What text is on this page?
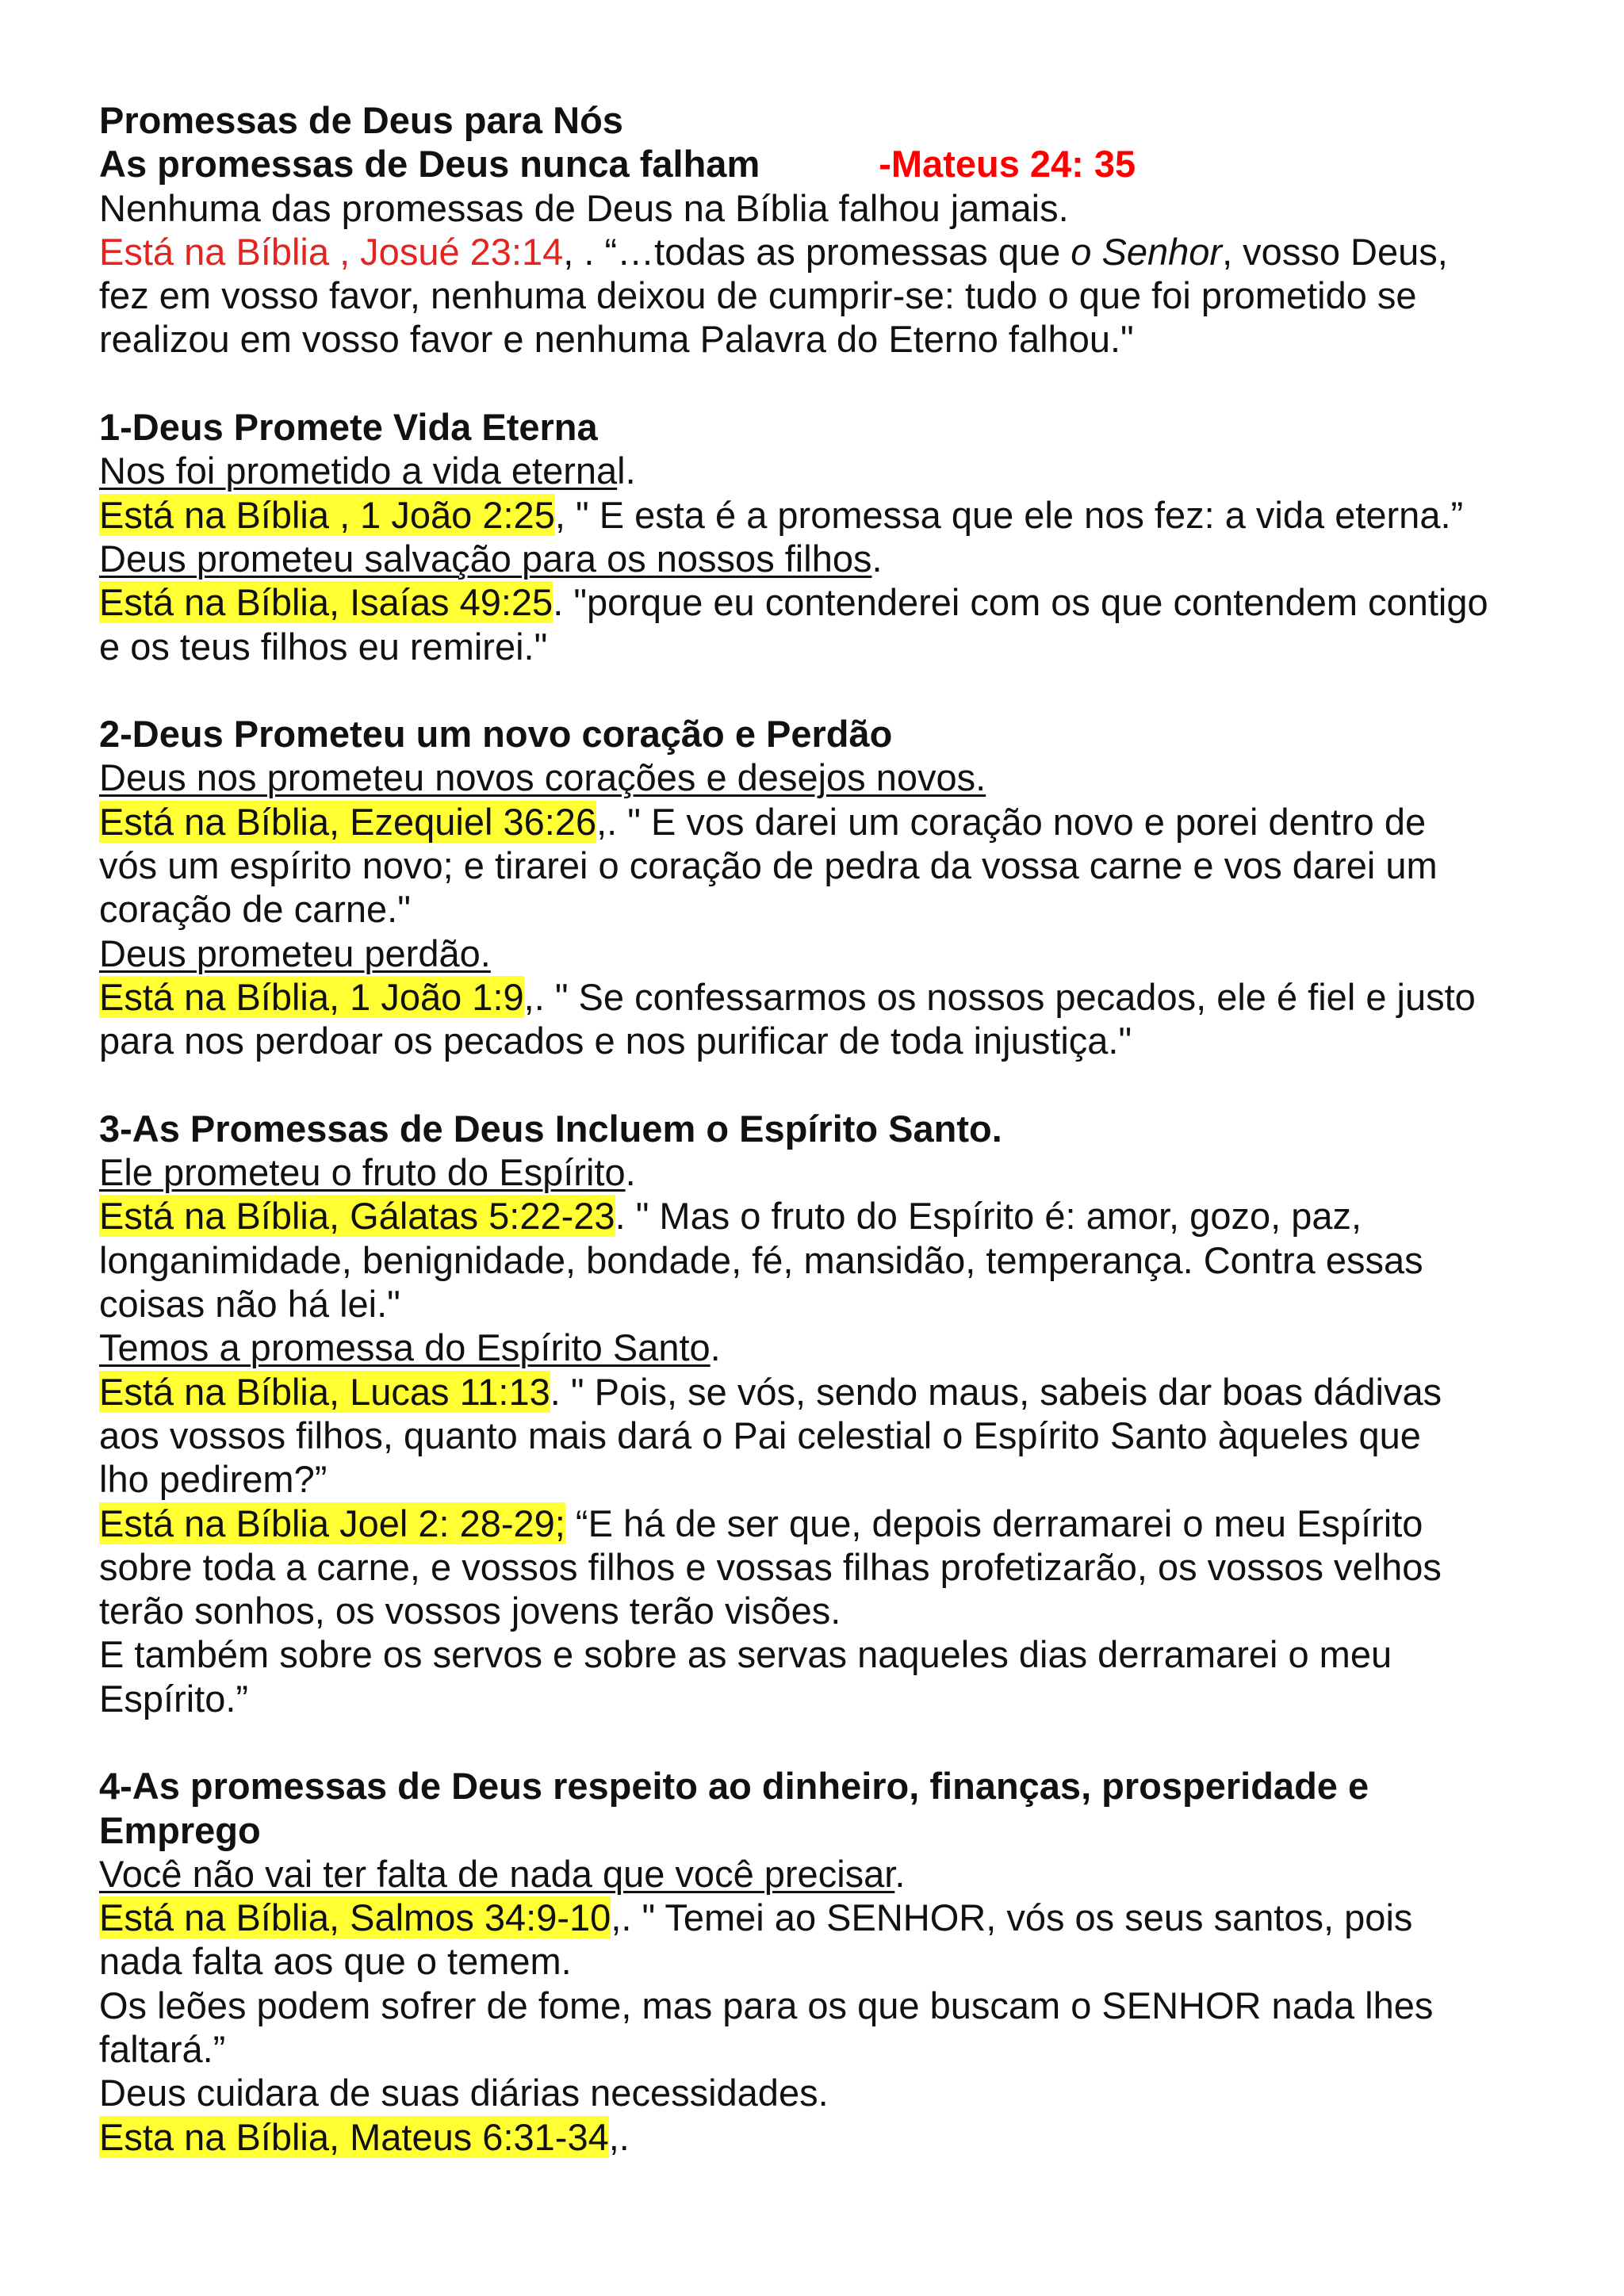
Promessas de Deus para Nós
As promessas de Deus nunca falham	-Mateus 24: 35
Nenhuma das promessas de Deus na Bíblia falhou jamais.
Está na Bíblia , Josué 23:14, . “…todas as promessas que o Senhor, vosso Deus,
fez em vosso favor, nenhuma deixou de cumprir-se: tudo o que foi prometido se
realizou em vosso favor e nenhuma Palavra do Eterno falhou."
1-Deus Promete Vida Eterna
Nos foi prometido a vida eternal.
Está na Bíblia , 1 João 2:25, " E esta é a promessa que ele nos fez: a vida eterna.”
Deus prometeu salvação para os nossos filhos.
Está na Bíblia, Isaías 49:25. "porque eu contenderei com os que contendem contigo
e os teus filhos eu remirei."
2-Deus Prometeu um novo coração e Perdão
Deus nos prometeu novos corações e desejos novos.
Está na Bíblia, Ezequiel 36:26,. " E vos darei um coração novo e porei dentro de
vós um espírito novo; e tirarei o coração de pedra da vossa carne e vos darei um
coração de carne."
Deus prometeu perdão.
Está na Bíblia, 1 João 1:9,. " Se confessarmos os nossos pecados, ele é fiel e justo
para nos perdoar os pecados e nos purificar de toda injustiça."
3-As Promessas de Deus Incluem o Espírito Santo.
Ele prometeu o fruto do Espírito.
Está na Bíblia, Gálatas 5:22-23. " Mas o fruto do Espírito é: amor, gozo, paz,
longanimidade, benignidade, bondade, fé, mansidão, temperança. Contra essas
coisas não há lei."
Temos a promessa do Espírito Santo.
Está na Bíblia, Lucas 11:13. " Pois, se vós, sendo maus, sabeis dar boas dádivas
aos vossos filhos, quanto mais dará o Pai celestial o Espírito Santo àqueles que
lho pedirem?”
Está na Bíblia Joel 2: 28-29; “E há de ser que, depois derramarei o meu Espírito
sobre toda a carne, e vossos filhos e vossas filhas profetizarão, os vossos velhos
terão sonhos, os vossos jovens terão visões.
E também sobre os servos e sobre as servas naqueles dias derramarei o meu
Espírito.”
4-As promessas de Deus respeito ao dinheiro, finanças, prosperidade e
Emprego
Você não vai ter falta de nada que você precisar.
Está na Bíblia, Salmos 34:9-10,. " Temei ao SENHOR, vós os seus santos, pois
nada falta aos que o temem.
Os leões podem sofrer de fome, mas para os que buscam o SENHOR nada lhes
faltará.”
Deus cuidara de suas diárias necessidades.
Esta na Bíblia, Mateus 6:31-34,.
